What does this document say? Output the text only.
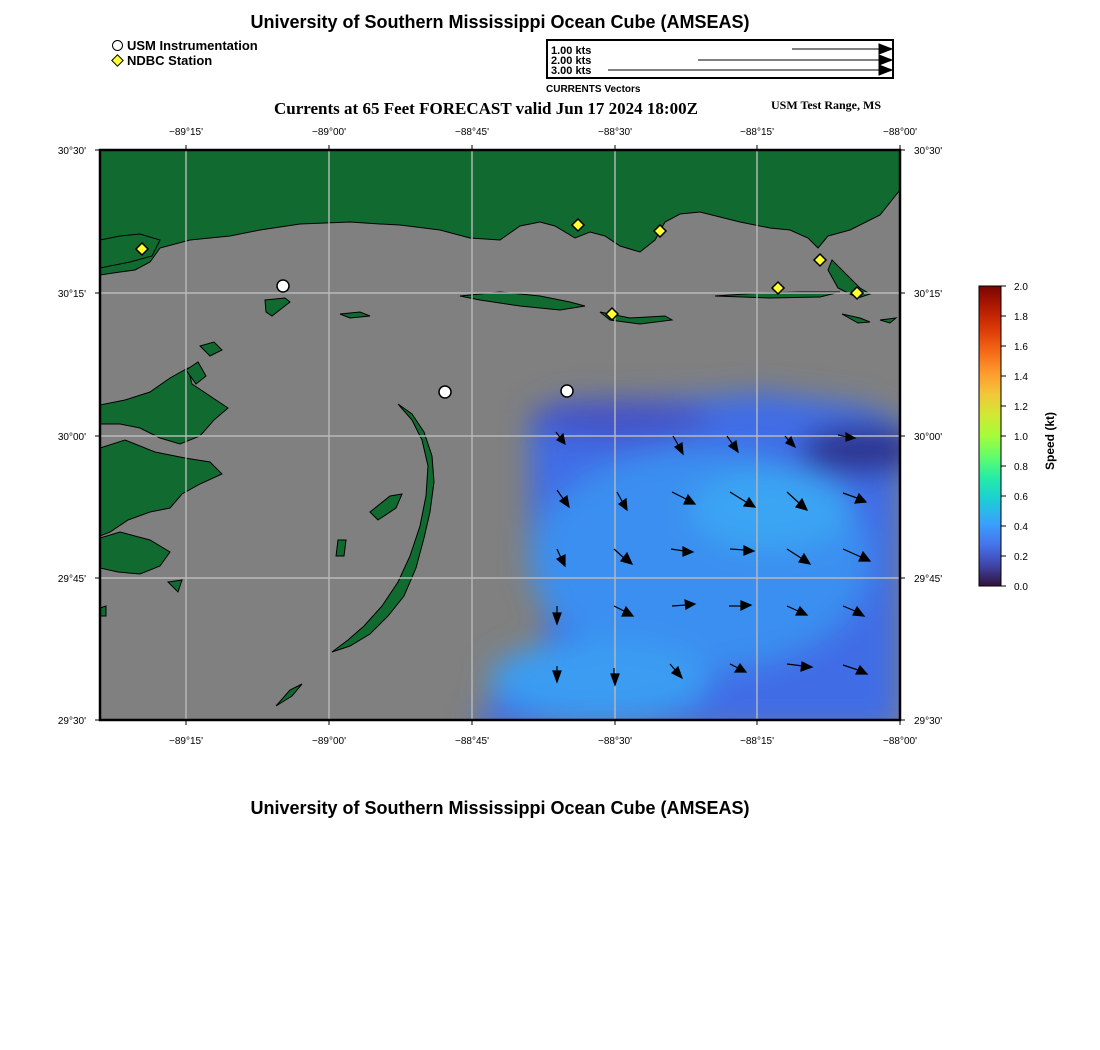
University of Southern Mississippi Ocean Cube (AMSEAS)
USM Instrumentation
NDBC Station
1.00 kts
2.00 kts
3.00 kts
CURRENTS Vectors
Currents at 65 Feet FORECAST valid Jun 17 2024 18:00Z	USM Test Range, MS
−89°15'	−89°00'	−88°45'	−88°30'	−88°15'	−88°00'
−89°15'	−89°00'	−88°45'	−88°30'	−88°15'	−88°00'
30°30'
30°15'
30°00'
29°45'
29°30'
30°30'
30°15'
30°00'
29°45'
29°30'
2.0
1.8
1.6
1.4
1.2
1.0
0.8
0.6
0.4
0.2
0.0
Speed (kt)
University of Southern Mississippi Ocean Cube (AMSEAS)
